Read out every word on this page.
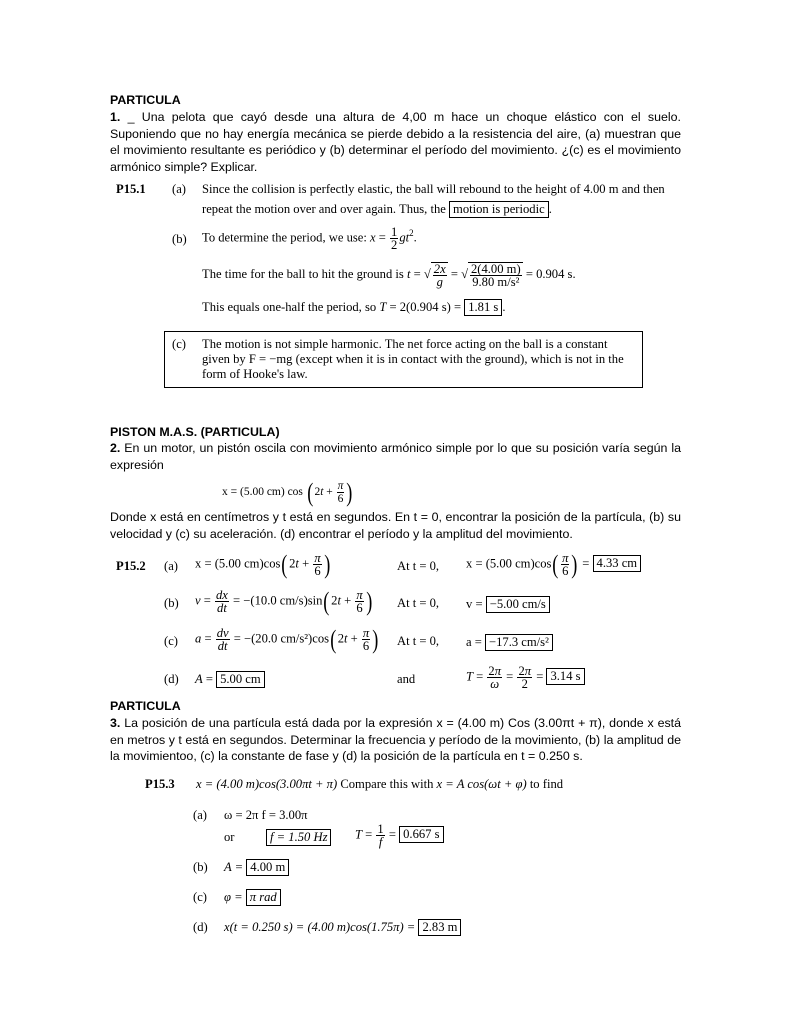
PARTICULA
1. _ Una pelota que cayó desde una altura de 4,00 m hace un choque elástico con el suelo. Suponiendo que no hay energía mecánica se pierde debido a la resistencia del aire, (a) muestran que el movimiento resultante es periódico y (b) determinar el período del movimiento. ¿(c) es el movimiento armónico simple? Explicar.
P15.1 (a) Since the collision is perfectly elastic, the ball will rebound to the height of 4.00 m and then
repeat the motion over and over again. Thus, the motion is periodic .
(b) To determine the period, we use: $x = \frac{1}{2} gt^2$.
The time for the ball to hit the ground is t = √ $\frac{2x}{g}$ = √ $\frac{2(4.00 m)}{\text{9.80 m/s²}} = 0.904$ s.
This equals one-half the period, so T = 2(0.904 s) = 1.81 s .
(c) The motion is not simple harmonic. The net force acting on the ball is a constant given by F = −mg (except when it is in contact with the ground), which is not in the form of Hooke's law.
PISTON M.A.S. (PARTICULA)
2. En un motor, un pistón oscila con movimiento armónico simple por lo que su posición varía según la expresión
x = (5.00 cm) $\cos (2t + \frac{\pi}{6}$ )
Donde x está en centímetros y t está en segundos. En t = 0, encontrar la posición de la partícula, (b) su velocidad y (c) su aceleración. (d) encontrar el período y la amplitud del movimiento.
P15.2 (a) x = (5.00 $cm)\cos(2t + \frac{\pi}{6}$ )	At t = 0, x = (5.00 $cm)\cos( \frac{\pi}{6}$ ) = 4.33 cm
(b) $v = \frac{dx}{dt} = -(10.0$ $cm/s)\sin(2t + \frac{\pi}{6}$ ) At t = 0, v = −5.00 cm/s
(c) $a = \frac{dv}{dt} = -(20.0$ $cm/s^2)\cos(2t + \frac{\pi}{6}$ ) At t = 0, a = −17.3 cm/s²
(d) A = 5.00 cm	and	$T = \frac{2\pi}{\omega} = \frac{2\pi}{2} = 3.14$ s
PARTICULA
3. La posición de una partícula está dada por la expresión x = (4.00 m) Cos (3.00πt + π), donde x está en metros y t está en segundos. Determinar la frecuencia y período de la movimiento, (b) la amplitud de la movimientoo, (c) la constante de fase y (d) la posición de la partícula en t = 0.250 s.
P15.3 x = (4.00 m)cos(3.00πt + π) Compare this with x = A cos(ωt + φ) to find
(a) ω = 2π f = 3.00π
or	f = 1.50 Hz	$T = \frac{1}{f} = 0.667$ s
(b) A = 4.00 m
(c) φ = π rad
(d) x(t = 0.250 s) = (4.00 m)cos(1.75π) = 2.83 m
